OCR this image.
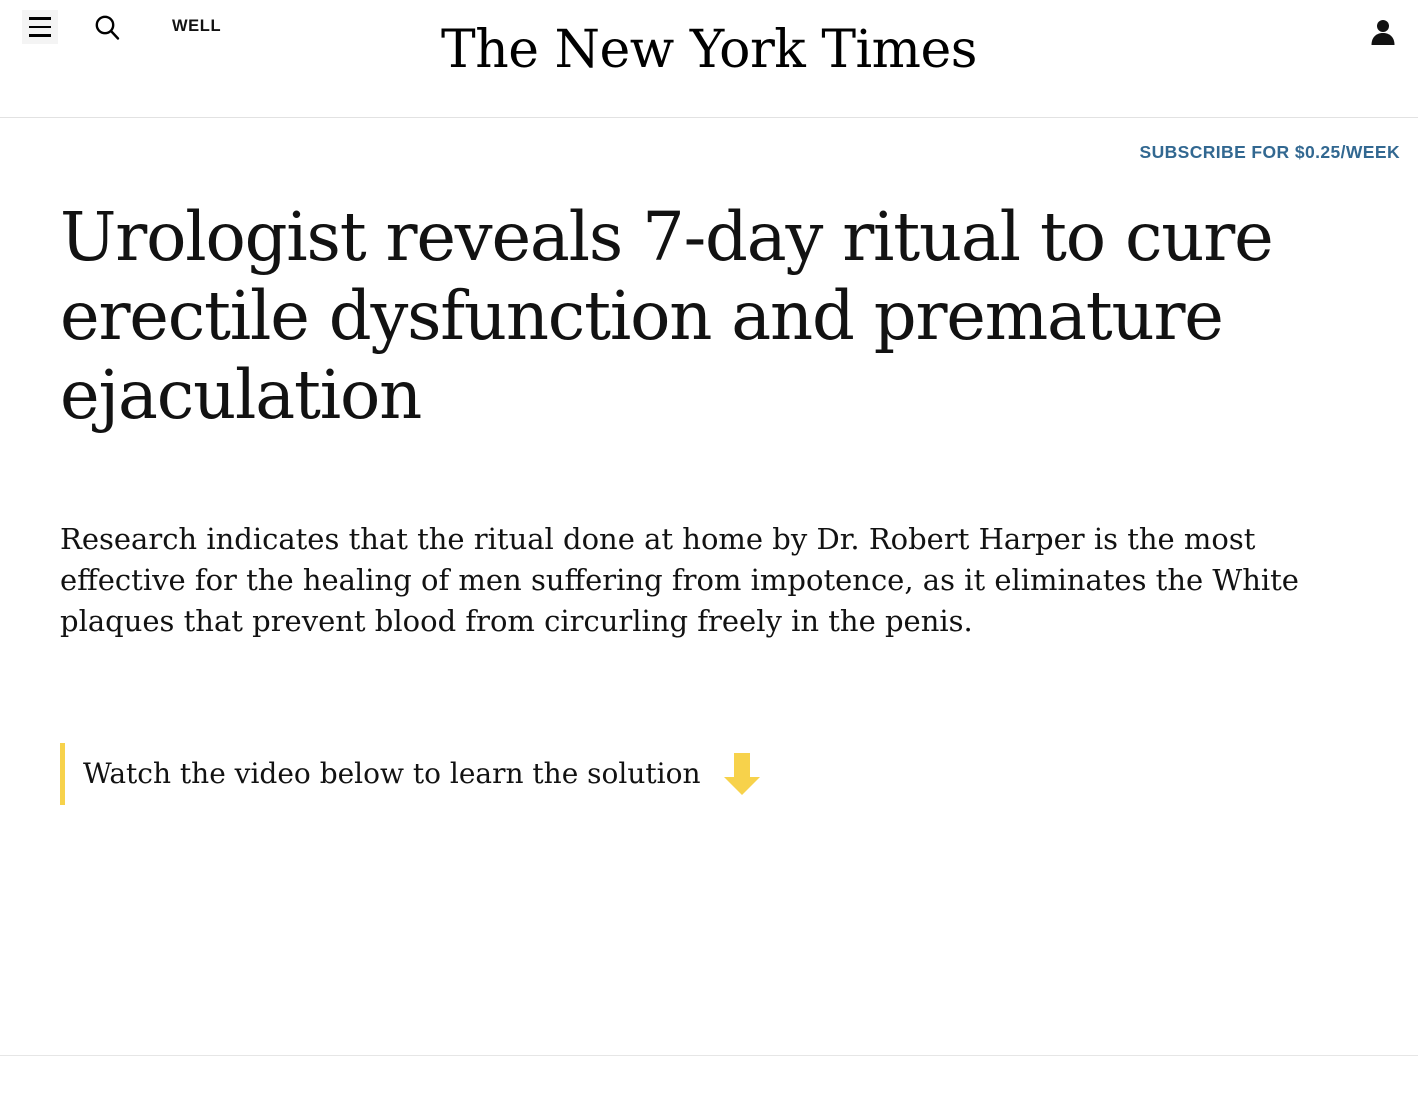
WELL	The New York Times
SUBSCRIBE FOR $0.25/WEEK
Urologist reveals 7-day ritual to cure erectile dysfunction and premature ejaculation

Research indicates that the ritual done at home by Dr. Robert Harper is the most effective for the healing of men suffering from impotence, as it eliminates the White plaques that prevent blood from circurling freely in the penis.

Watch the video below to learn the solution
